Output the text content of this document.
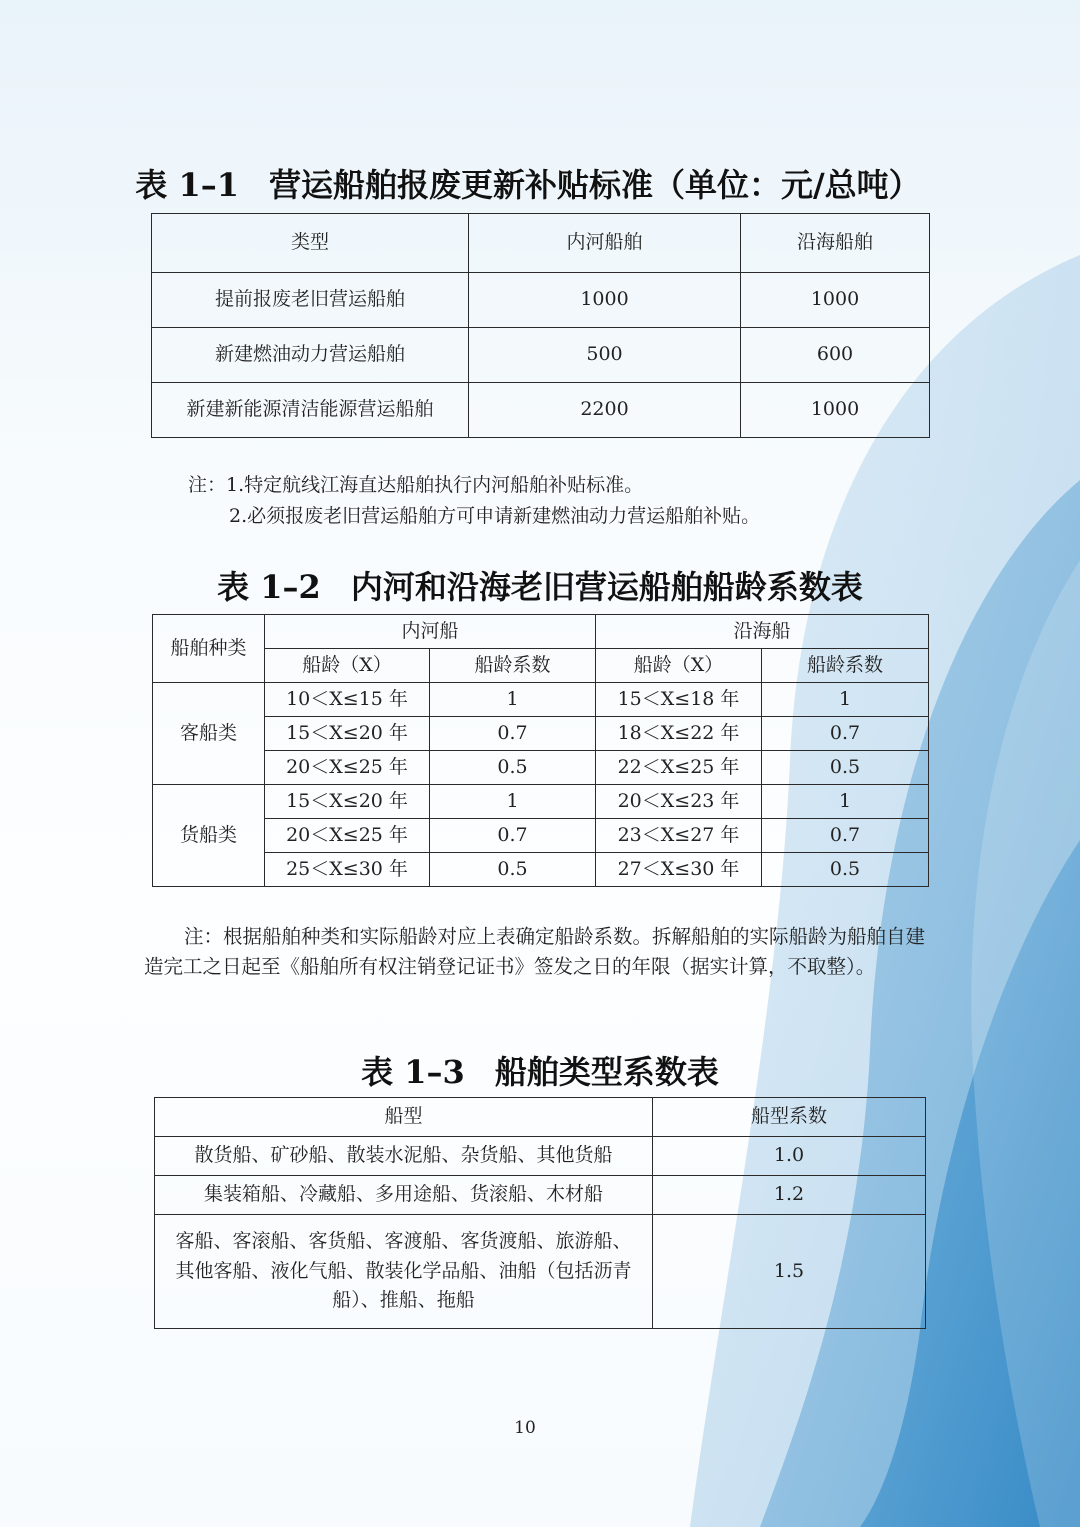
表 1–1 营运船舶报废更新补贴标准（单位：元/总吨）
类型	内河船舶	沿海船舶
提前报废老旧营运船舶	1000	1000
新建燃油动力营运船舶	500	600
新建新能源清洁能源营运船舶	2200	1000
注：1.特定航线江海直达船舶执行内河船舶补贴标准。
2.必须报废老旧营运船舶方可申请新建燃油动力营运船舶补贴。
表 1–2 内河和沿海老旧营运船舶船龄系数表
船舶种类	内河船		沿海船	
	船龄（X）	船龄系数	船龄（X）	船龄系数
客船类	10＜X≤15 年	1	15＜X≤18 年	1
	15＜X≤20 年	0.7	18＜X≤22 年	0.7
	20＜X≤25 年	0.5	22＜X≤25 年	0.5
货船类	15＜X≤20 年	1	20＜X≤23 年	1
	20＜X≤25 年	0.7	23＜X≤27 年	0.7
	25＜X≤30 年	0.5	27＜X≤30 年	0.5
注：根据船舶种类和实际船龄对应上表确定船龄系数。拆解船舶的实际船龄为船舶自建造完工之日起至《船舶所有权注销登记证书》签发之日的年限（据实计算，不取整）。
表 1–3 船舶类型系数表
船型	船型系数
散货船、矿砂船、散装水泥船、杂货船、其他货船	1.0
集装箱船、冷藏船、多用途船、货滚船、木材船	1.2
客船、客滚船、客货船、客渡船、客货渡船、旅游船、其他客船、液化气船、散装化学品船、油船（包括沥青船）、推船、拖船	1.5
10
